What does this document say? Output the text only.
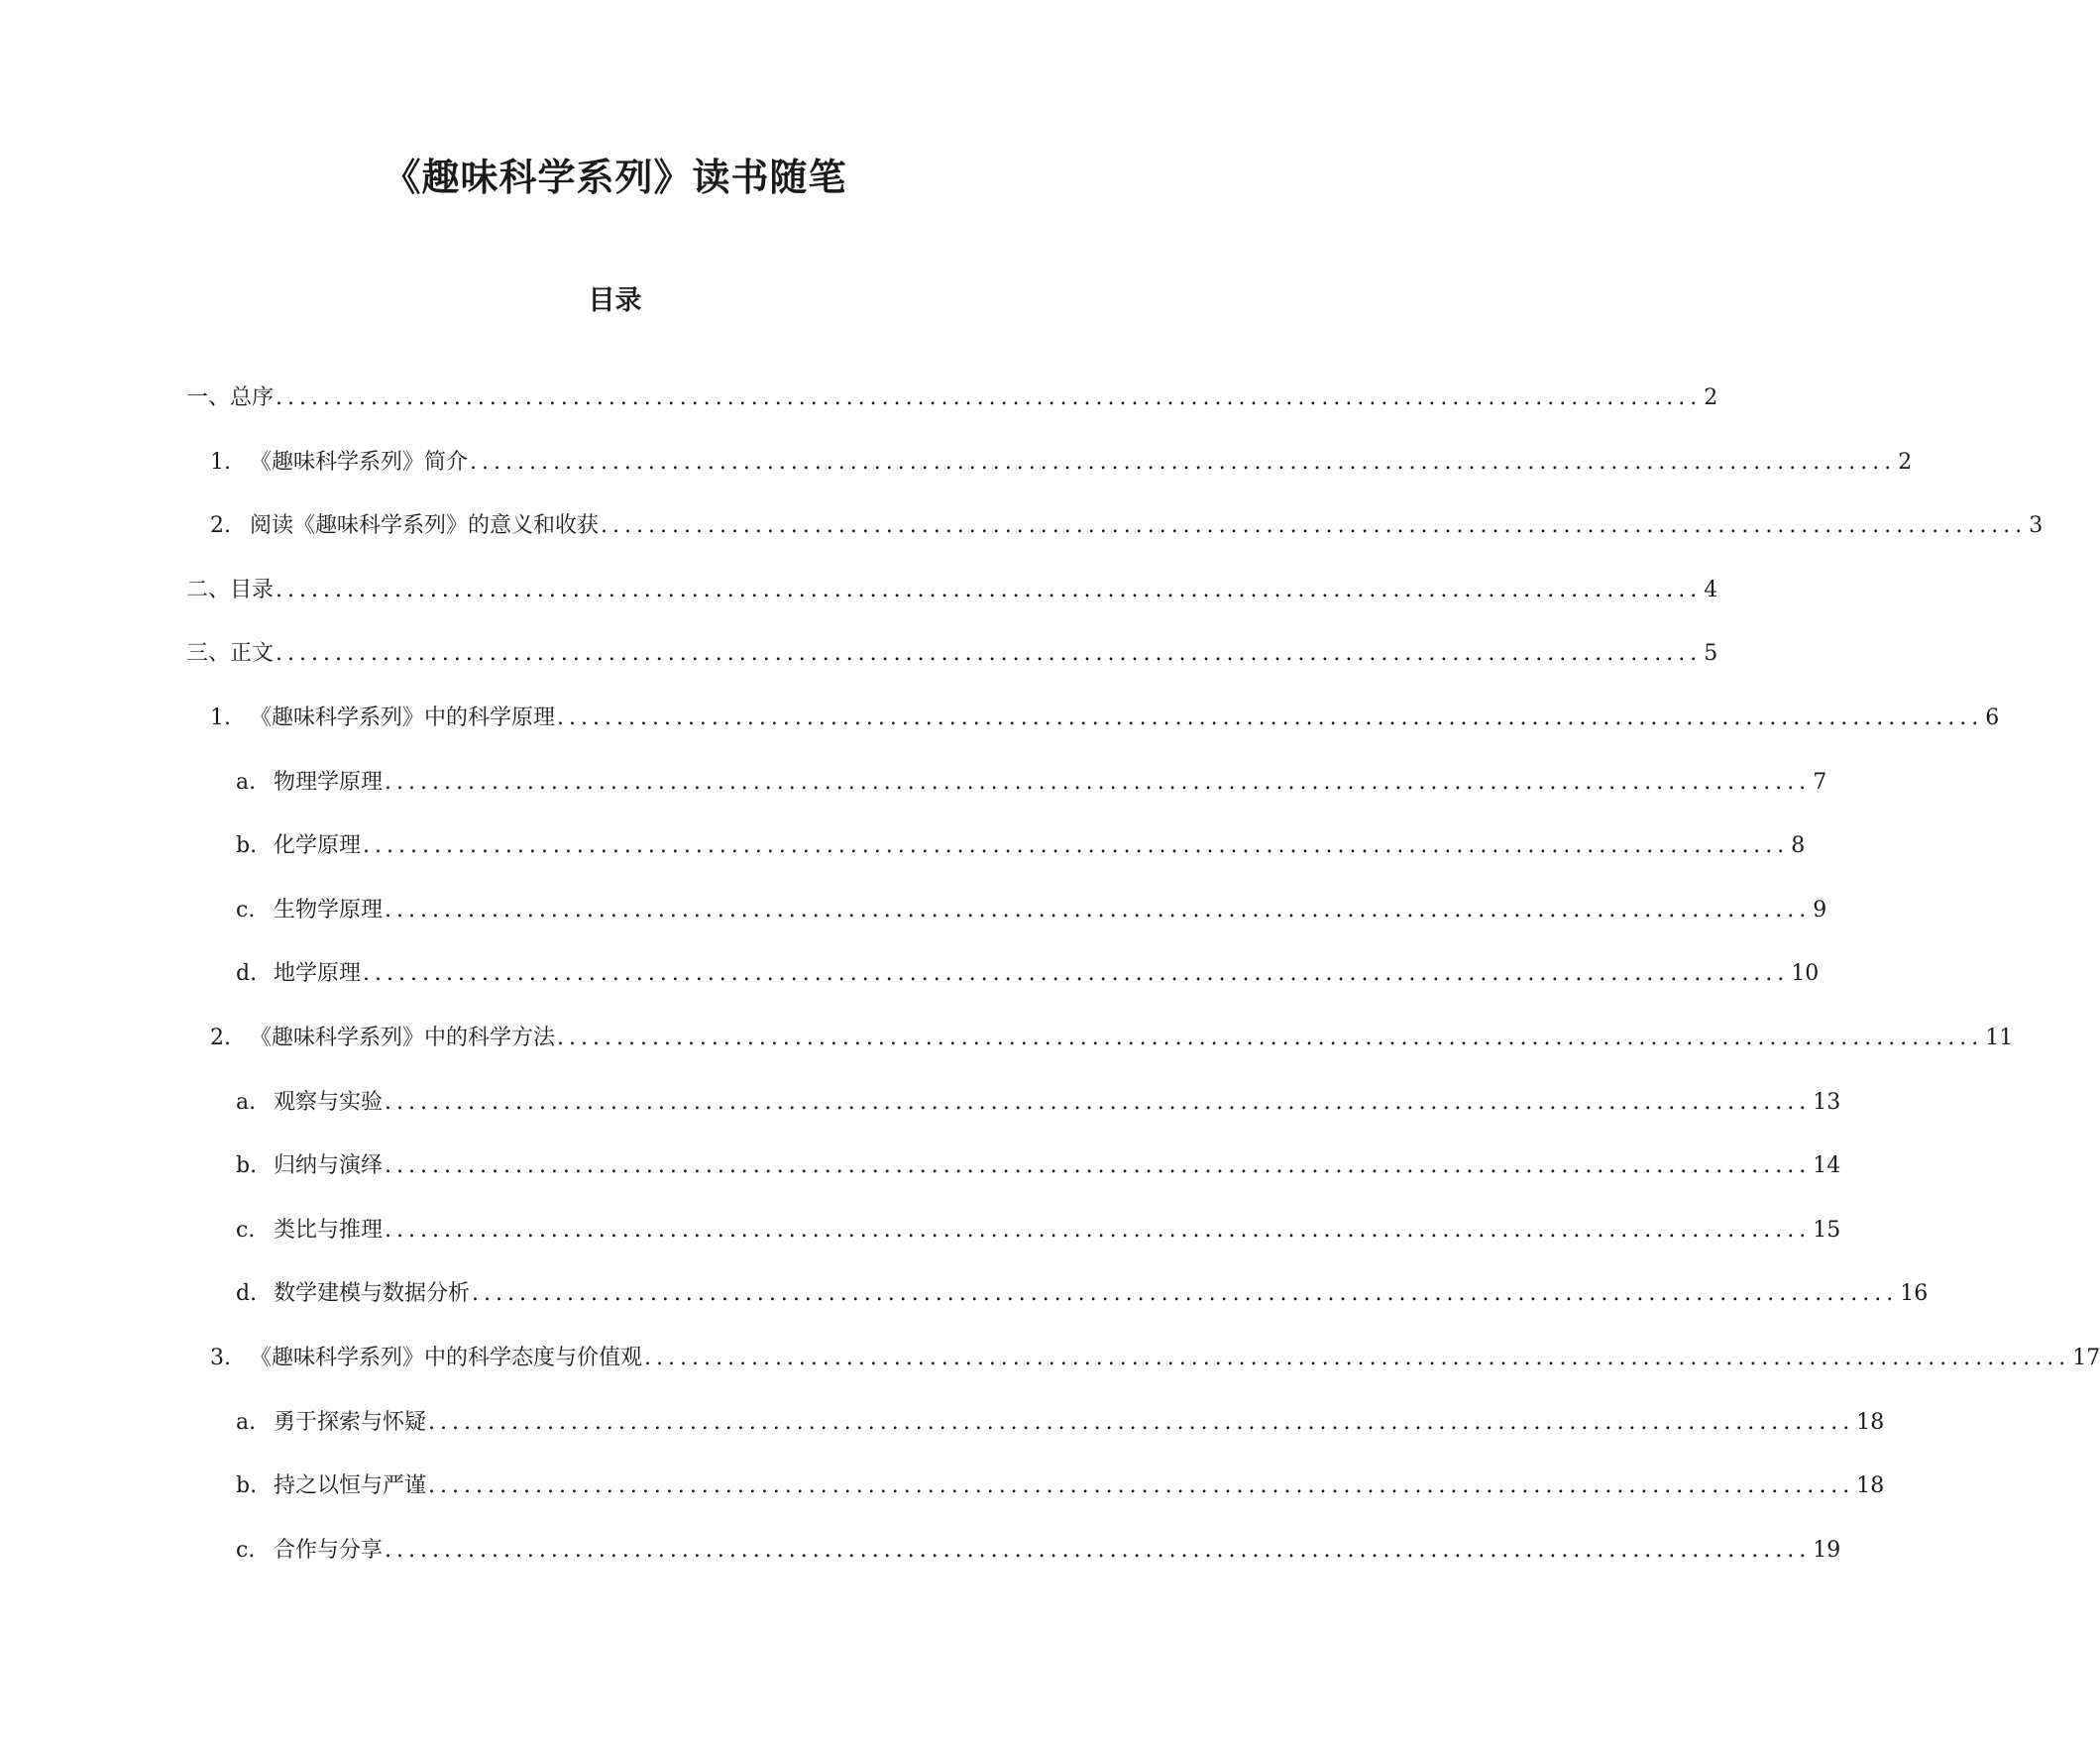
《趣味科学系列》读书随笔
目录
一、总序 ........................................................................................................................ 2
1. 《趣味科学系列》简介 ........................................................................................................................ 2
2. 阅读《趣味科学系列》的意义和收获 ........................................................................................................................ 3
二、目录 ........................................................................................................................ 4
三、正文 ........................................................................................................................ 5
1. 《趣味科学系列》中的科学原理 ........................................................................................................................ 6
a. 物理学原理 ........................................................................................................................ 7
b. 化学原理 ........................................................................................................................ 8
c. 生物学原理 ........................................................................................................................ 9
d. 地学原理 ........................................................................................................................ 10
2. 《趣味科学系列》中的科学方法 ........................................................................................................................ 11
a. 观察与实验 ........................................................................................................................ 13
b. 归纳与演绎 ........................................................................................................................ 14
c. 类比与推理 ........................................................................................................................ 15
d. 数学建模与数据分析 ........................................................................................................................ 16
3. 《趣味科学系列》中的科学态度与价值观 ........................................................................................................................ 17
a. 勇于探索与怀疑 ........................................................................................................................ 18
b. 持之以恒与严谨 ........................................................................................................................ 18
c. 合作与分享 ........................................................................................................................ 19
